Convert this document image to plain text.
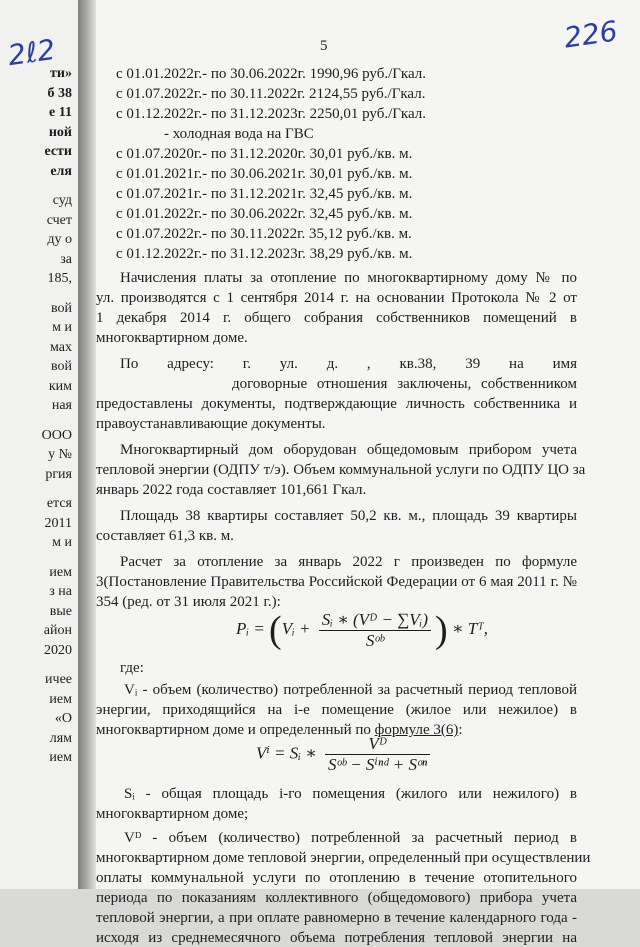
ти»
б 38
е 11
ной
ести
еля
суд
счет
ду о
за
185,
вой
м и
мах
вой
ким
ная
ООО
у №
ргия
ется
2011
м и
ием
з на
вые
айон
2020
ичее
ием
«О
лям
ием
2ℓ2	226
5
с 01.01.2022г.- по 30.06.2022г. 1990,96 руб./Гкал.
с 01.07.2022г.- по 30.11.2022г. 2124,55 руб./Гкал.
с 01.12.2022г.- по 31.12.2023г. 2250,01 руб./Гкал.
- холодная вода на ГВС
с 01.07.2020г.- по 31.12.2020г. 30,01 руб./кв. м.
с 01.01.2021г.- по 30.06.2021г. 30,01 руб./кв. м.
с 01.07.2021г.- по 31.12.2021г. 32,45 руб./кв. м.
с 01.01.2022г.- по 30.06.2022г. 32,45 руб./кв. м.
с 01.07.2022г.- по 30.11.2022г. 35,12 руб./кв. м.
с 01.12.2022г.- по 31.12.2023г. 38,29 руб./кв. м.
Начисления платы за отопление по многоквартирному дому № по
ул. производятся с 1 сентября 2014 г. на основании Протокола № 2 от
1 декабря 2014 г. общего собрания собственников помещений в
многоквартирном доме.
По адресу: г. ул. д. , кв.38, 39 на имя
договорные отношения заключены, собственником
предоставлены документы, подтверждающие личность собственника и
правоустанавливающие документы.
Многоквартирный дом оборудован общедомовым прибором учета
тепловой энергии (ОДПУ т/э). Объем коммунальной услуги по ОДПУ ЦО за
январь 2022 года составляет 101,661 Гкал.
Площадь 38 квартиры составляет 50,2 кв. м., площадь 39 квартиры
составляет 61,3 кв. м.
Расчет за отопление за январь 2022 г произведен по формуле
3(Постановление Правительства Российской Федерации от 6 мая 2011 г. №
354 (ред. от 31 июля 2021 г.):
Pᵢ = (Vᵢ + $\frac{\text{Sᵢ ∗ (Vᴰ − ∑Vᵢ)}}{\text{Sᵒᵇ}}$ ) ∗ Tᵀ,
где:
Vᵢ - объем (количество) потребленной за расчетный период тепловой
энергии, приходящийся на i-е помещение (жилое или нежилое) в
многоквартирном доме и определенный по формуле 3(6):
Vⁱ = Sᵢ ∗ $\frac{\text{Vᴰ}}{\text{Sᵒᵇ − Sⁱⁿᵈ + Sᵒⁿ}}$
Sᵢ - общая площадь i-го помещения (жилого или нежилого) в
многоквартирном доме;
Vᴰ - объем (количество) потребленной за расчетный период в
многоквартирном доме тепловой энергии, определенный при осуществлении
оплаты коммунальной услуги по отоплению в течение отопительного
периода по показаниям коллективного (общедомового) прибора учета
тепловой энергии, а при оплате равномерно в течение календарного года -
исходя из среднемесячного объема потребления тепловой энергии на
